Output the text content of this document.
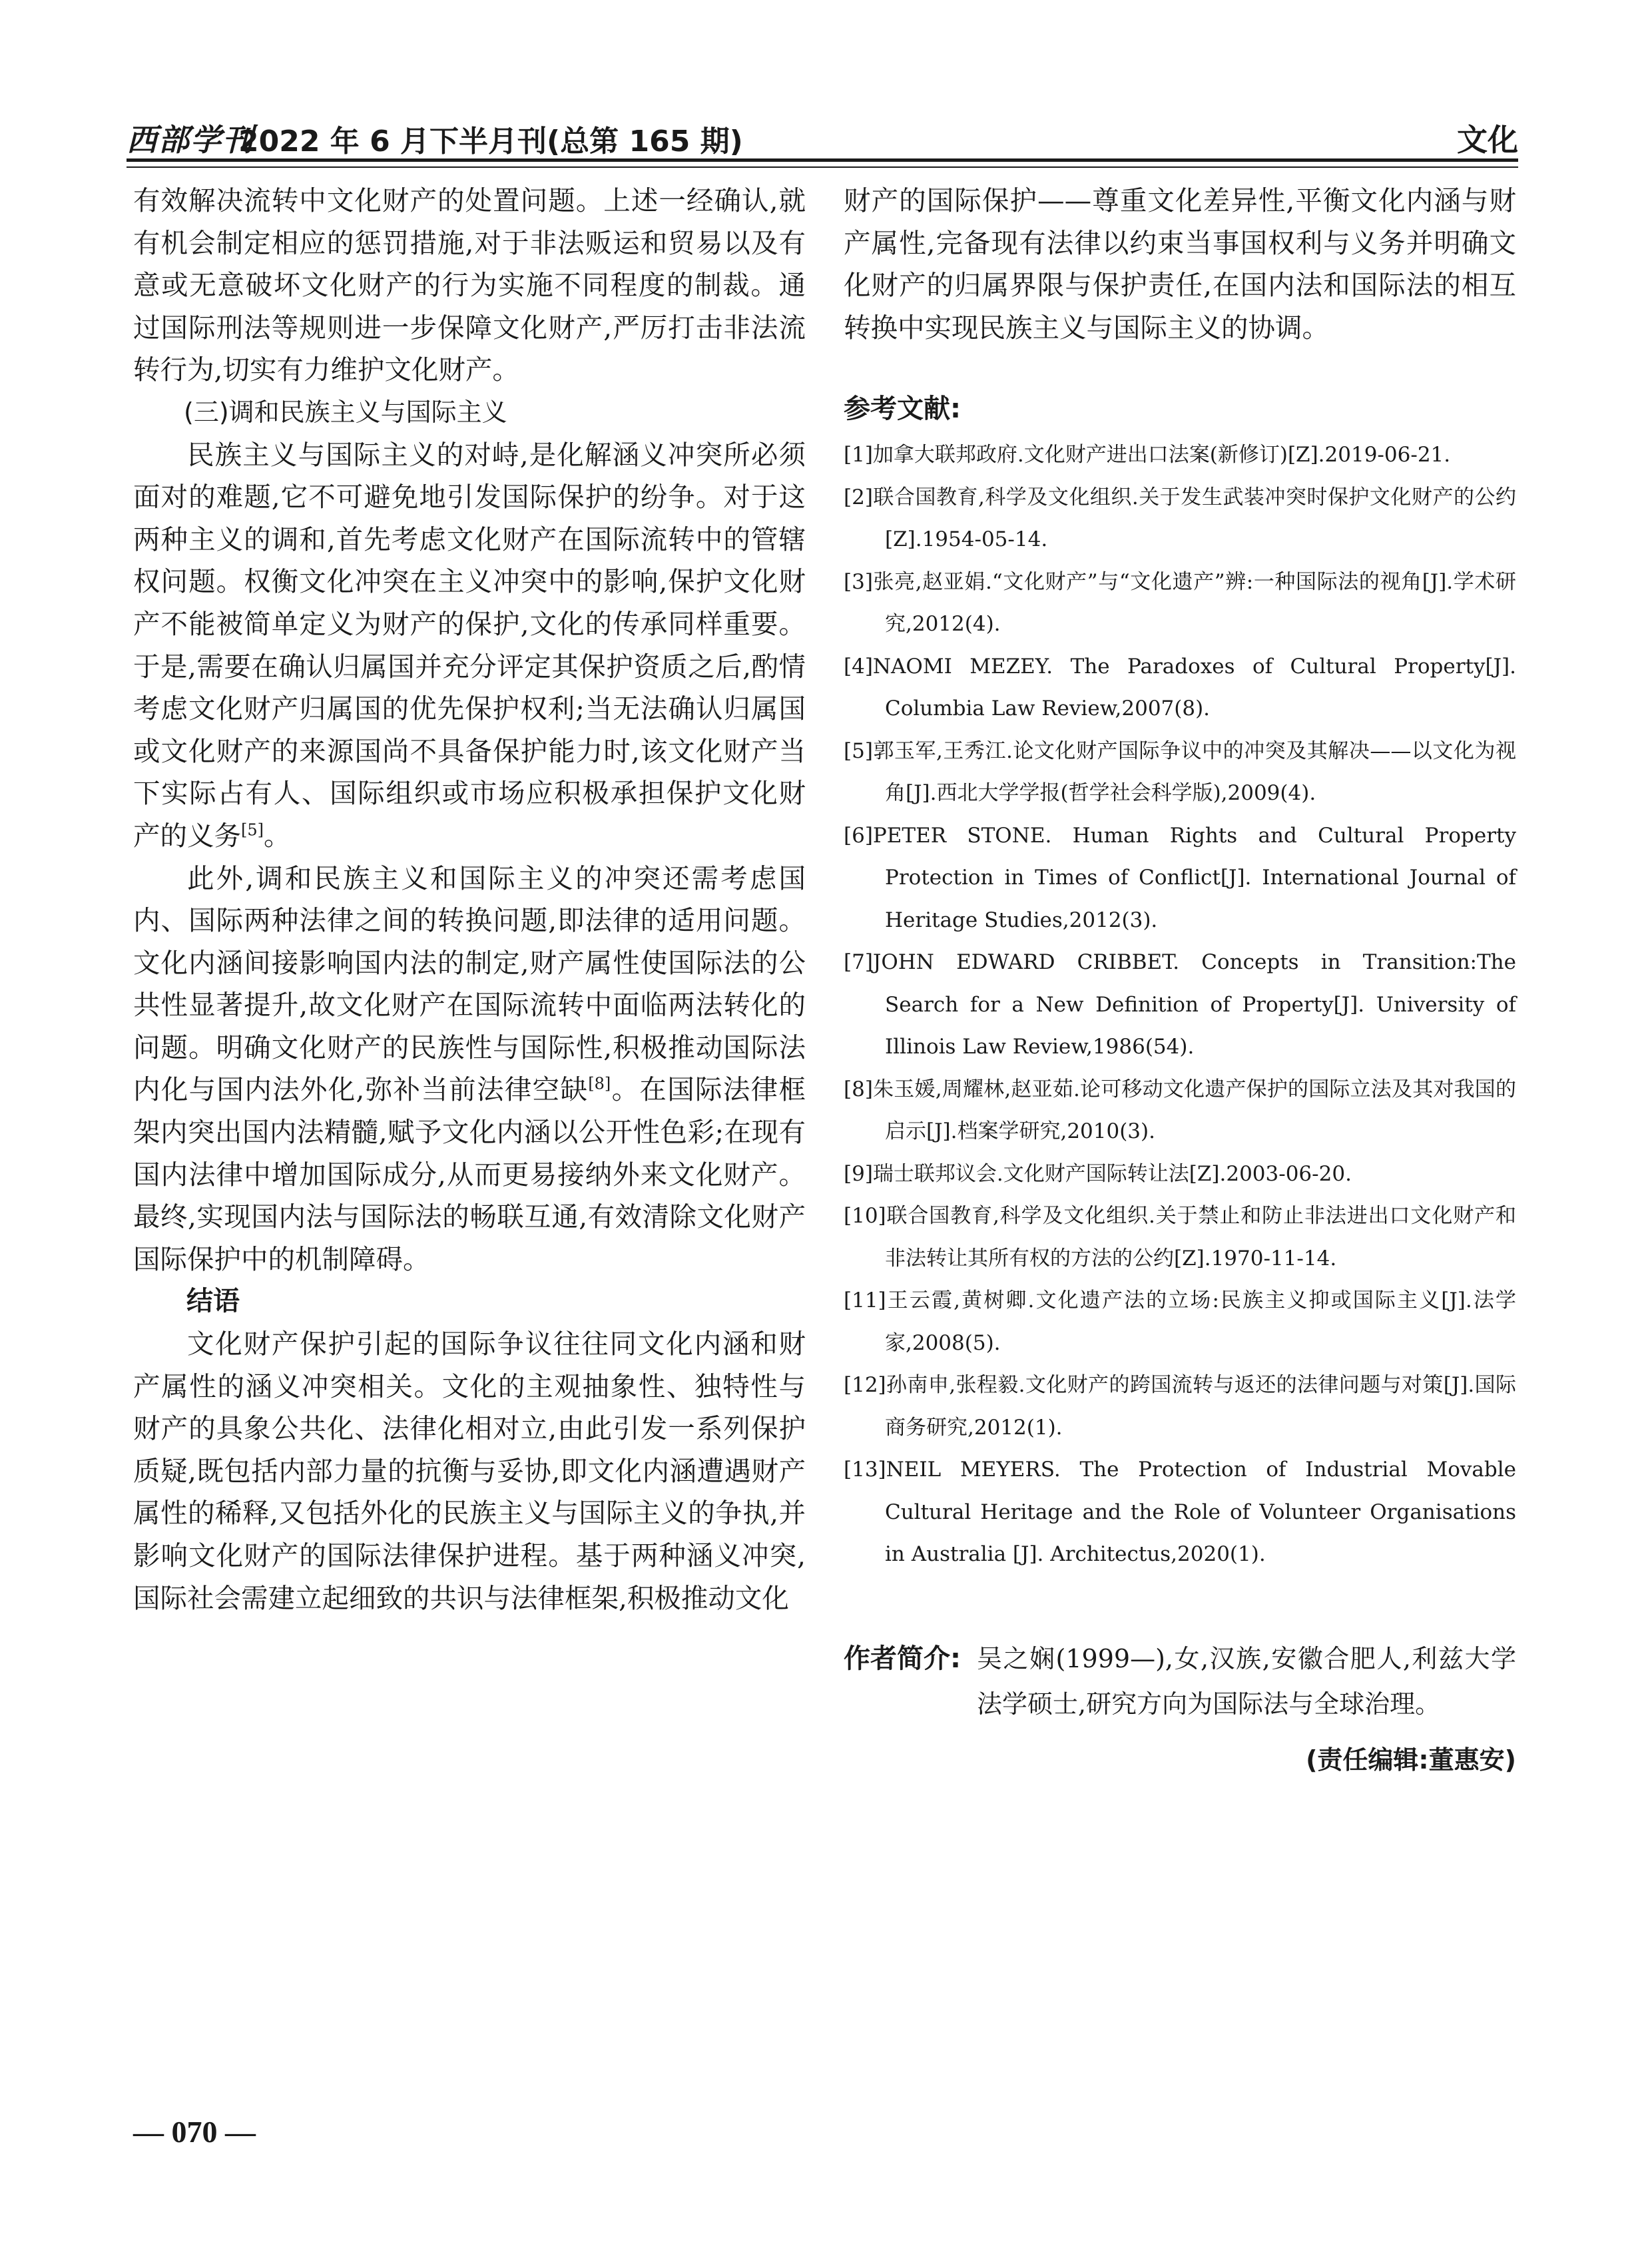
西部学刊
2022 年 6 月下半月刊(总第 165 期)	文化

有效解决流转中文化财产的处置问题。上述一经确认,就有机会制定相应的惩罚措施,对于非法贩运和贸易以及有意或无意破坏文化财产的行为实施不同程度的制裁。通过国际刑法等规则进一步保障文化财产,严厉打击非法流转行为,切实有力维护文化财产。

(三)调和民族主义与国际主义

民族主义与国际主义的对峙,是化解涵义冲突所必须面对的难题,它不可避免地引发国际保护的纷争。对于这两种主义的调和,首先考虑文化财产在国际流转中的管辖权问题。权衡文化冲突在主义冲突中的影响,保护文化财产不能被简单定义为财产的保护,文化的传承同样重要。于是,需要在确认归属国并充分评定其保护资质之后,酌情考虑文化财产归属国的优先保护权利;当无法确认归属国或文化财产的来源国尚不具备保护能力时,该文化财产当下实际占有人、国际组织或市场应积极承担保护文化财产的义务[5]。

此外,调和民族主义和国际主义的冲突还需考虑国内、国际两种法律之间的转换问题,即法律的适用问题。文化内涵间接影响国内法的制定,财产属性使国际法的公共性显著提升,故文化财产在国际流转中面临两法转化的问题。明确文化财产的民族性与国际性,积极推动国际法内化与国内法外化,弥补当前法律空缺[8]。在国际法律框架内突出国内法精髓,赋予文化内涵以公开性色彩;在现有国内法律中增加国际成分,从而更易接纳外来文化财产。最终,实现国内法与国际法的畅联互通,有效清除文化财产国际保护中的机制障碍。

结语

文化财产保护引起的国际争议往往同文化内涵和财产属性的涵义冲突相关。文化的主观抽象性、独特性与财产的具象公共化、法律化相对立,由此引发一系列保护质疑,既包括内部力量的抗衡与妥协,即文化内涵遭遇财产属性的稀释,又包括外化的民族主义与国际主义的争执,并影响文化财产的国际法律保护进程。基于两种涵义冲突,国际社会需建立起细致的共识与法律框架,积极推动文化

财产的国际保护——尊重文化差异性,平衡文化内涵与财产属性,完备现有法律以约束当事国权利与义务并明确文化财产的归属界限与保护责任,在国内法和国际法的相互转换中实现民族主义与国际主义的协调。

参考文献:
[1]加拿大联邦政府.文化财产进出口法案(新修订)[Z].2019-06-21.
[2]联合国教育,科学及文化组织.关于发生武装冲突时保护文化财产的公约[Z].1954-05-14.
[3]张亮,赵亚娟.“文化财产”与“文化遗产”辨:一种国际法的视角[J].学术研究,2012(4).
[4]NAOMI MEZEY. The Paradoxes of Cultural Property[J]. Columbia Law Review,2007(8).
[5]郭玉军,王秀江.论文化财产国际争议中的冲突及其解决——以文化为视角[J].西北大学学报(哲学社会科学版),2009(4).
[6]PETER STONE. Human Rights and Cultural Property Protection in Times of Conflict[J]. International Journal of Heritage Studies,2012(3).
[7]JOHN EDWARD CRIBBET. Concepts in Transition:The Search for a New Definition of Property[J]. University of Illinois Law Review,1986(54).
[8]朱玉媛,周耀林,赵亚茹.论可移动文化遗产保护的国际立法及其对我国的启示[J].档案学研究,2010(3).
[9]瑞士联邦议会.文化财产国际转让法[Z].2003-06-20.
[10]联合国教育,科学及文化组织.关于禁止和防止非法进出口文化财产和非法转让其所有权的方法的公约[Z].1970-11-14.
[11]王云霞,黄树卿.文化遗产法的立场:民族主义抑或国际主义[J].法学家,2008(5).
[12]孙南申,张程毅.文化财产的跨国流转与返还的法律问题与对策[J].国际商务研究,2012(1).
[13]NEIL MEYERS. The Protection of Industrial Movable Cultural Heritage and the Role of Volunteer Organisations in Australia [J]. Architectus,2020(1).
作者简介: 吴之娴(1999—),女,汉族,安徽合肥人,利兹大学法学硕士,研究方向为国际法与全球治理。
(责任编辑:董惠安)
— 070 —
